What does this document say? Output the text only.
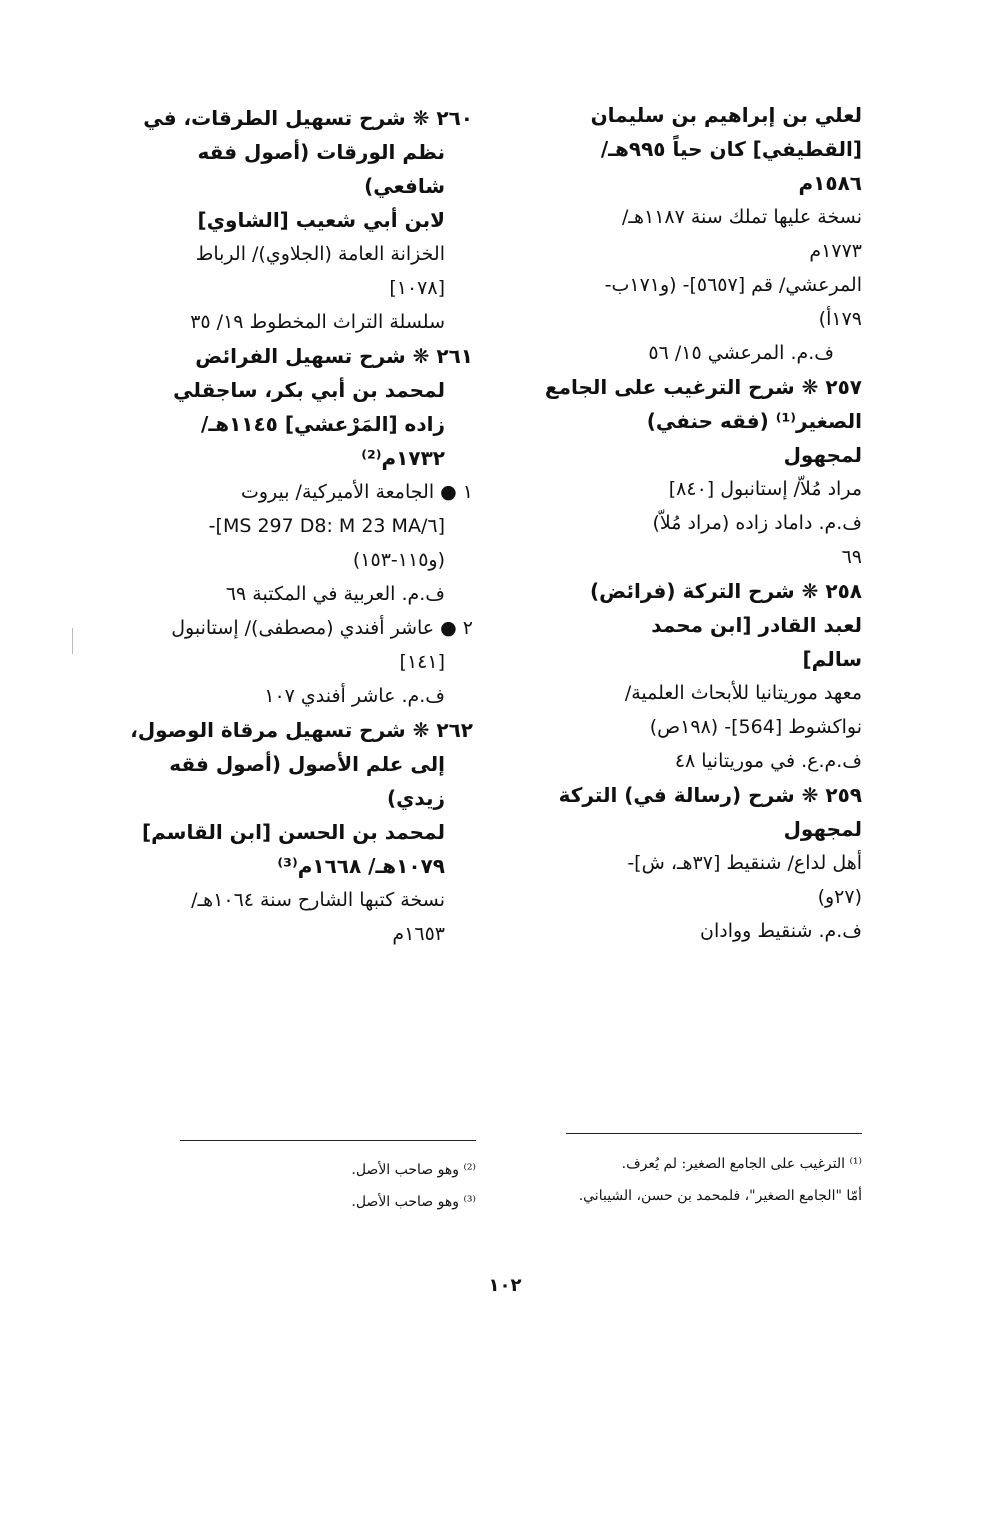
لعلي بن إبراهيم بن سليمان
[القطيفي] كان حياً ٩٩٥هـ/
١٥٨٦م
نسخة عليها تملك سنة ١١٨٧هـ/
١٧٧٣م
المرعشي/ قم [٥٦٥٧]- (و١٧١ب-
١٧٩أ)
ف.م. المرعشي ١٥/ ٥٦
٢٥٧ ❋ شرح الترغيب على الجامع
الصغير⁽¹⁾ (فقه حنفي)
لمجهول
مراد مُلاّ/ إستانبول [٨٤٠]
ف.م. داماد زاده (مراد مُلاّ)
٦٩
٢٥٨ ❋ شرح التركة (فرائض)
لعبد القادر [ابن محمد
سالم]
معهد موريتانيا للأبحاث العلمية/
نواكشوط [564]- (١٩٨ص)
ف.م.ع. في موريتانيا ٤٨
٢٥٩ ❋ شرح (رسالة في) التركة
لمجهول
أهل لداع/ شنقيط [٣٧هـ، ش]-
(٢٧و)
ف.م. شنقيط ووادان
٢٦٠ ❋ شرح تسهيل الطرقات، في
نظم الورقات (أصول فقه
شافعي)
لابن أبي شعيب [الشاوي]
الخزانة العامة (الجلاوي)/ الرباط
[١٠٧٨]
سلسلة التراث المخطوط ١٩/ ٣٥
٢٦١ ❋ شرح تسهيل الفرائض
لمحمد بن أبي بكر، ساجقلي
زاده [المَرْعشي] ١١٤٥هـ/
١٧٣٢م⁽²⁾
١ ● الجامعة الأميركية/ بيروت
[٦/MS 297 D8: M 23 MA]-
(و١١٥-١٥٣)
ف.م. العربية في المكتبة ٦٩
٢ ● عاشر أفندي (مصطفى)/ إستانبول
[١٤١]
ف.م. عاشر أفندي ١٠٧
٢٦٢ ❋ شرح تسهيل مرقاة الوصول،
إلى علم الأصول (أصول فقه
زيدي)
لمحمد بن الحسن [ابن القاسم]
١٠٧٩هـ/ ١٦٦٨م⁽³⁾
نسخة كتبها الشارح سنة ١٠٦٤هـ/
١٦٥٣م
⁽¹⁾ الترغيب على الجامع الصغير: لم يُعرف.
أمّا "الجامع الصغير"، فلمحمد بن حسن، الشيباني.
⁽²⁾ وهو صاحب الأصل.
⁽³⁾ وهو صاحب الأصل.
١٠٢
